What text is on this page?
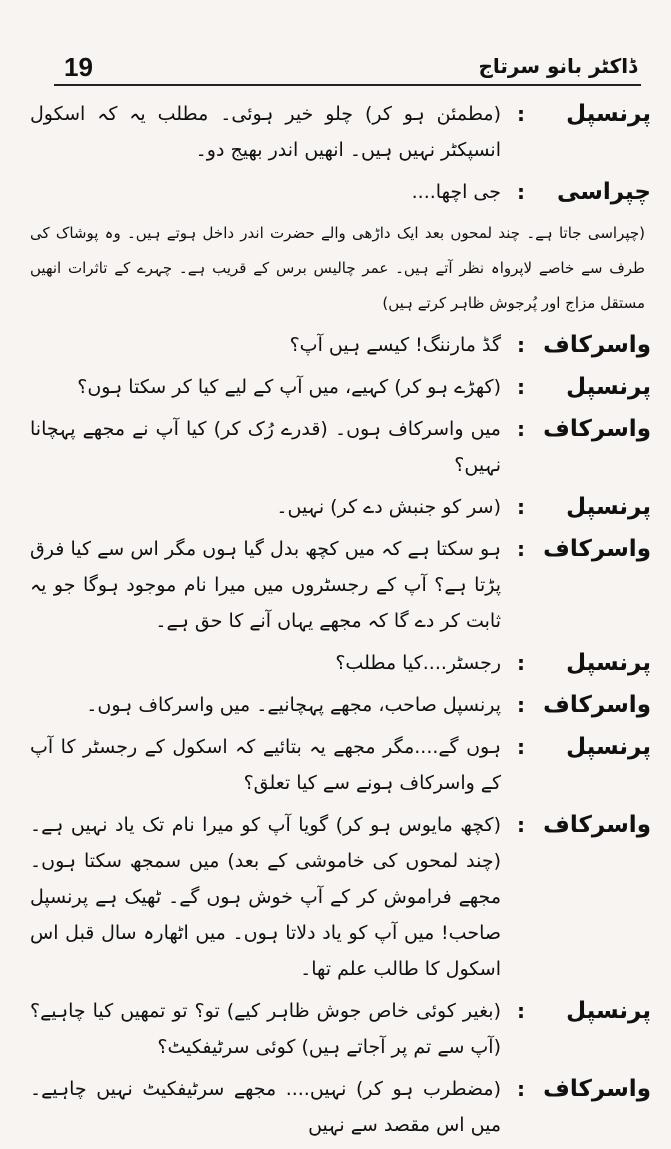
19	ڈاکٹر بانو سرتاج
پرنسپل
:
(مطمئن ہو کر) چلو خیر ہوئی۔ مطلب یہ کہ اسکول انسپکٹر نہیں ہیں۔ انھیں اندر بھیج دو۔
چپراسی
:
جی اچھا....
(چپراسی جاتا ہے۔ چند لمحوں بعد ایک داڑھی والے حضرت اندر داخل ہوتے ہیں۔ وہ پوشاک کی طرف سے خاصے لاپرواہ نظر آتے ہیں۔ عمر چالیس برس کے قریب ہے۔ چہرے کے تاثرات انھیں مستقل مزاج اور پُرجوش ظاہر کرتے ہیں)
واسرکاف
:
گڈ مارننگ! کیسے ہیں آپ؟
پرنسپل
:
(کھڑے ہو کر) کہیے، میں آپ کے لیے کیا کر سکتا ہوں؟
واسرکاف
:
میں واسرکاف ہوں۔ (قدرے رُک کر) کیا آپ نے مجھے پہچانا نہیں؟
پرنسپل
:
(سر کو جنبش دے کر) نہیں۔
واسرکاف
:
ہو سکتا ہے کہ میں کچھ بدل گیا ہوں مگر اس سے کیا فرق پڑتا ہے؟ آپ کے رجسٹروں میں میرا نام موجود ہوگا جو یہ ثابت کر دے گا کہ مجھے یہاں آنے کا حق ہے۔
پرنسپل
:
رجسٹر....کیا مطلب؟
واسرکاف
:
پرنسپل صاحب، مجھے پہچانیے۔ میں واسرکاف ہوں۔
پرنسپل
:
ہوں گے....مگر مجھے یہ بتائیے کہ اسکول کے رجسٹر کا آپ کے واسرکاف ہونے سے کیا تعلق؟
واسرکاف
:
(کچھ مایوس ہو کر) گویا آپ کو میرا نام تک یاد نہیں ہے۔ (چند لمحوں کی خاموشی کے بعد) میں سمجھ سکتا ہوں۔ مجھے فراموش کر کے آپ خوش ہوں گے۔ ٹھیک ہے پرنسپل صاحب! میں آپ کو یاد دلاتا ہوں۔ میں اٹھارہ سال قبل اس اسکول کا طالب علم تھا۔
پرنسپل
:
(بغیر کوئی خاص جوش ظاہر کیے) تو؟ تو تمھیں کیا چاہیے؟ (آپ سے تم پر آجاتے ہیں) کوئی سرٹیفکیٹ؟
واسرکاف
:
(مضطرب ہو کر) نہیں.... مجھے سرٹیفکیٹ نہیں چاہیے۔ میں اس مقصد سے نہیں
